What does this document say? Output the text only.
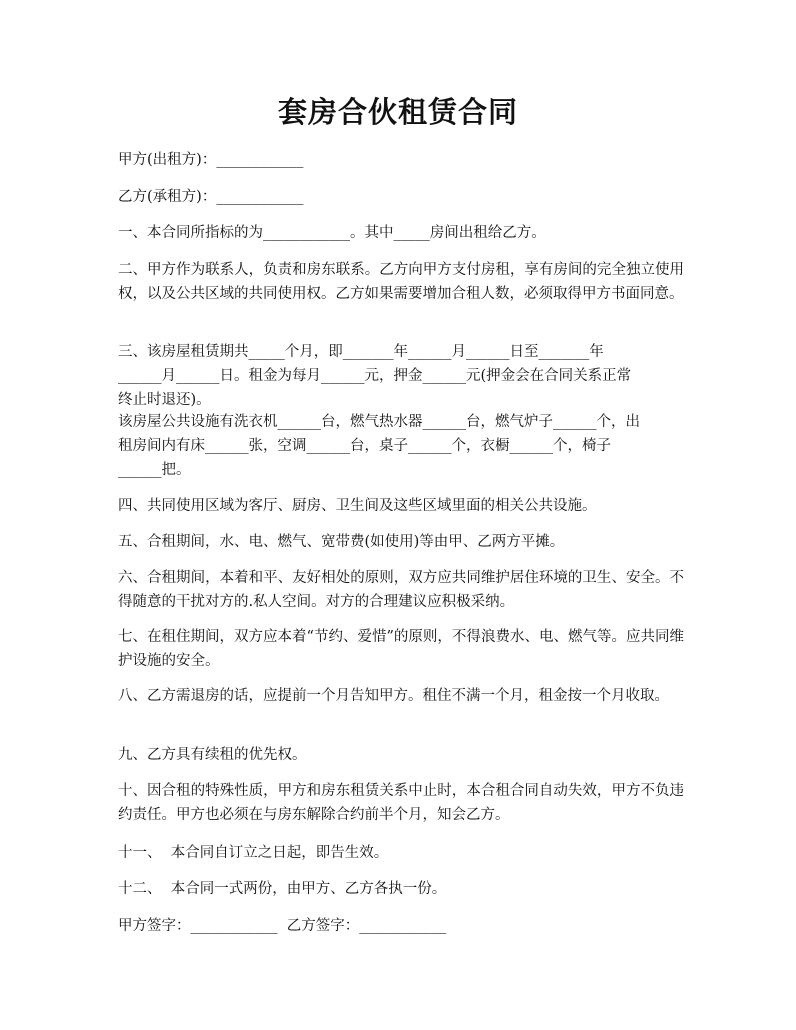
套房合伙租赁合同

甲方(出租方)：____________

乙方(承租方)：____________

一、本合同所指标的为____________。其中_____房间出租给乙方。

二、甲方作为联系人，负责和房东联系。乙方向甲方支付房租，享有房间的完全独立使用权，以及公共区域的共同使用权。乙方如果需要增加合租人数，必须取得甲方书面同意。

三、该房屋租赁期共_____个月，即_______年______月______日至_______年

______月______日。租金为每月______元，押金______元(押金会在合同关系正常

终止时退还)。

该房屋公共设施有洗衣机______台，燃气热水器______台，燃气炉子______个，出

租房间内有床______张，空调______台，桌子______个，衣橱______个，椅子

______把。

四、共同使用区域为客厅、厨房、卫生间及这些区域里面的相关公共设施。

五、合租期间，水、电、燃气、宽带费(如使用)等由甲、乙两方平摊。

六、合租期间，本着和平、友好相处的原则，双方应共同维护居住环境的卫生、安全。不得随意的干扰对方的.私人空间。对方的合理建议应积极采纳。

七、在租住期间，双方应本着“节约、爱惜”的原则，不得浪费水、电、燃气等。应共同维护设施的安全。

八、乙方需退房的话，应提前一个月告知甲方。租住不满一个月，租金按一个月收取。

九、乙方具有续租的优先权。

十、因合租的特殊性质，甲方和房东租赁关系中止时，本合租合同自动失效，甲方不负违约责任。甲方也必须在与房东解除合约前半个月，知会乙方。

十一、  本合同自订立之日起，即告生效。

十二、  本合同一式两份，由甲方、乙方各执一份。

甲方签字：____________  乙方签字：____________
